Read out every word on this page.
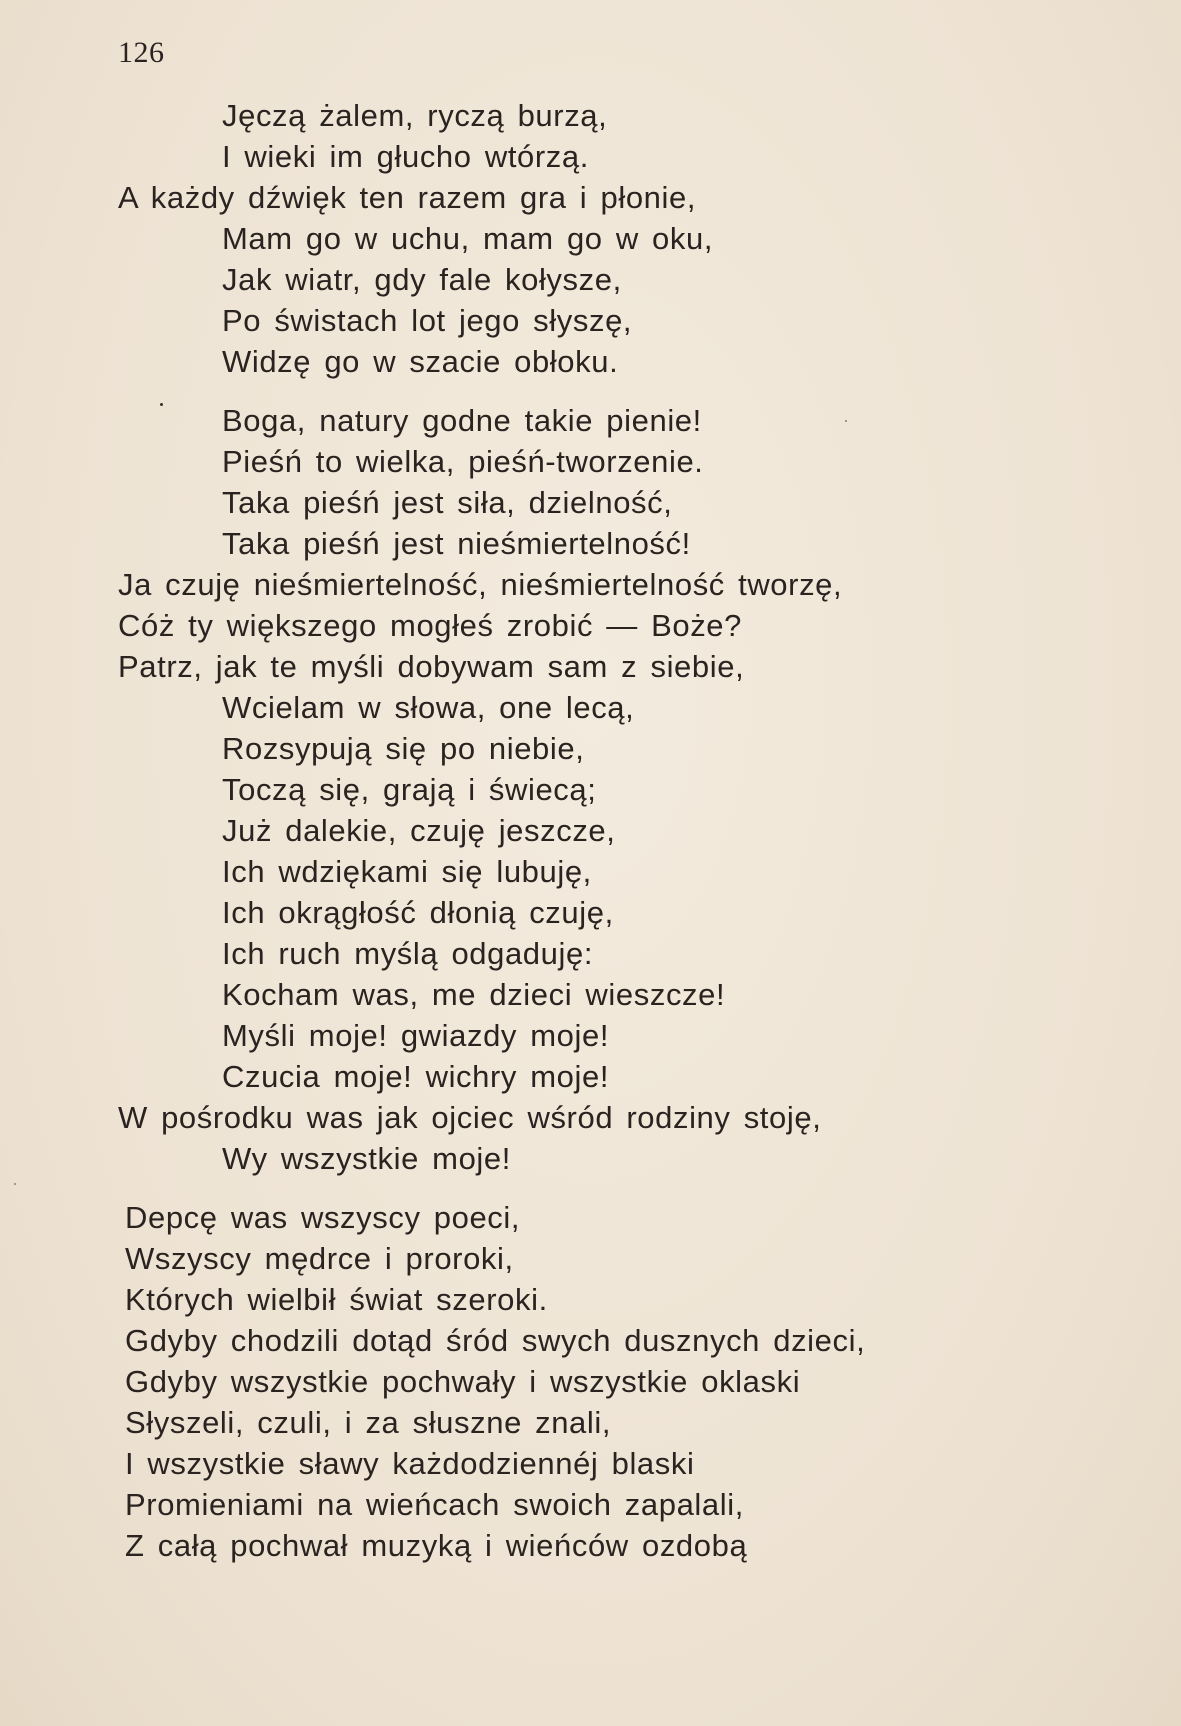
126
Jęczą żalem, ryczą burzą,
I wieki im głucho wtórzą.
A każdy dźwięk ten razem gra i płonie,
Mam go w uchu, mam go w oku,
Jak wiatr, gdy fale kołysze,
Po świstach lot jego słyszę,
Widzę go w szacie obłoku.
Boga, natury godne takie pienie!
Pieśń to wielka, pieśń-tworzenie.
Taka pieśń jest siła, dzielność,
Taka pieśń jest nieśmiertelność!
Ja czuję nieśmiertelność, nieśmiertelność tworzę,
Cóż ty większego mogłeś zrobić — Boże?
Patrz, jak te myśli dobywam sam z siebie,
Wcielam w słowa, one lecą,
Rozsypują się po niebie,
Toczą się, grają i świecą;
Już dalekie, czuję jeszcze,
Ich wdziękami się lubuję,
Ich okrągłość dłonią czuję,
Ich ruch myślą odgaduję:
Kocham was, me dzieci wieszcze!
Myśli moje! gwiazdy moje!
Czucia moje! wichry moje!
W pośrodku was jak ojciec wśród rodziny stoję,
Wy wszystkie moje!
Depcę was wszyscy poeci,
Wszyscy mędrce i proroki,
Których wielbił świat szeroki.
Gdyby chodzili dotąd śród swych dusznych dzieci,
Gdyby wszystkie pochwały i wszystkie oklaski
Słyszeli, czuli, i za słuszne znali,
I wszystkie sławy każdodziennéj blaski
Promieniami na wieńcach swoich zapalali,
Z całą pochwał muzyką i wieńców ozdobą
